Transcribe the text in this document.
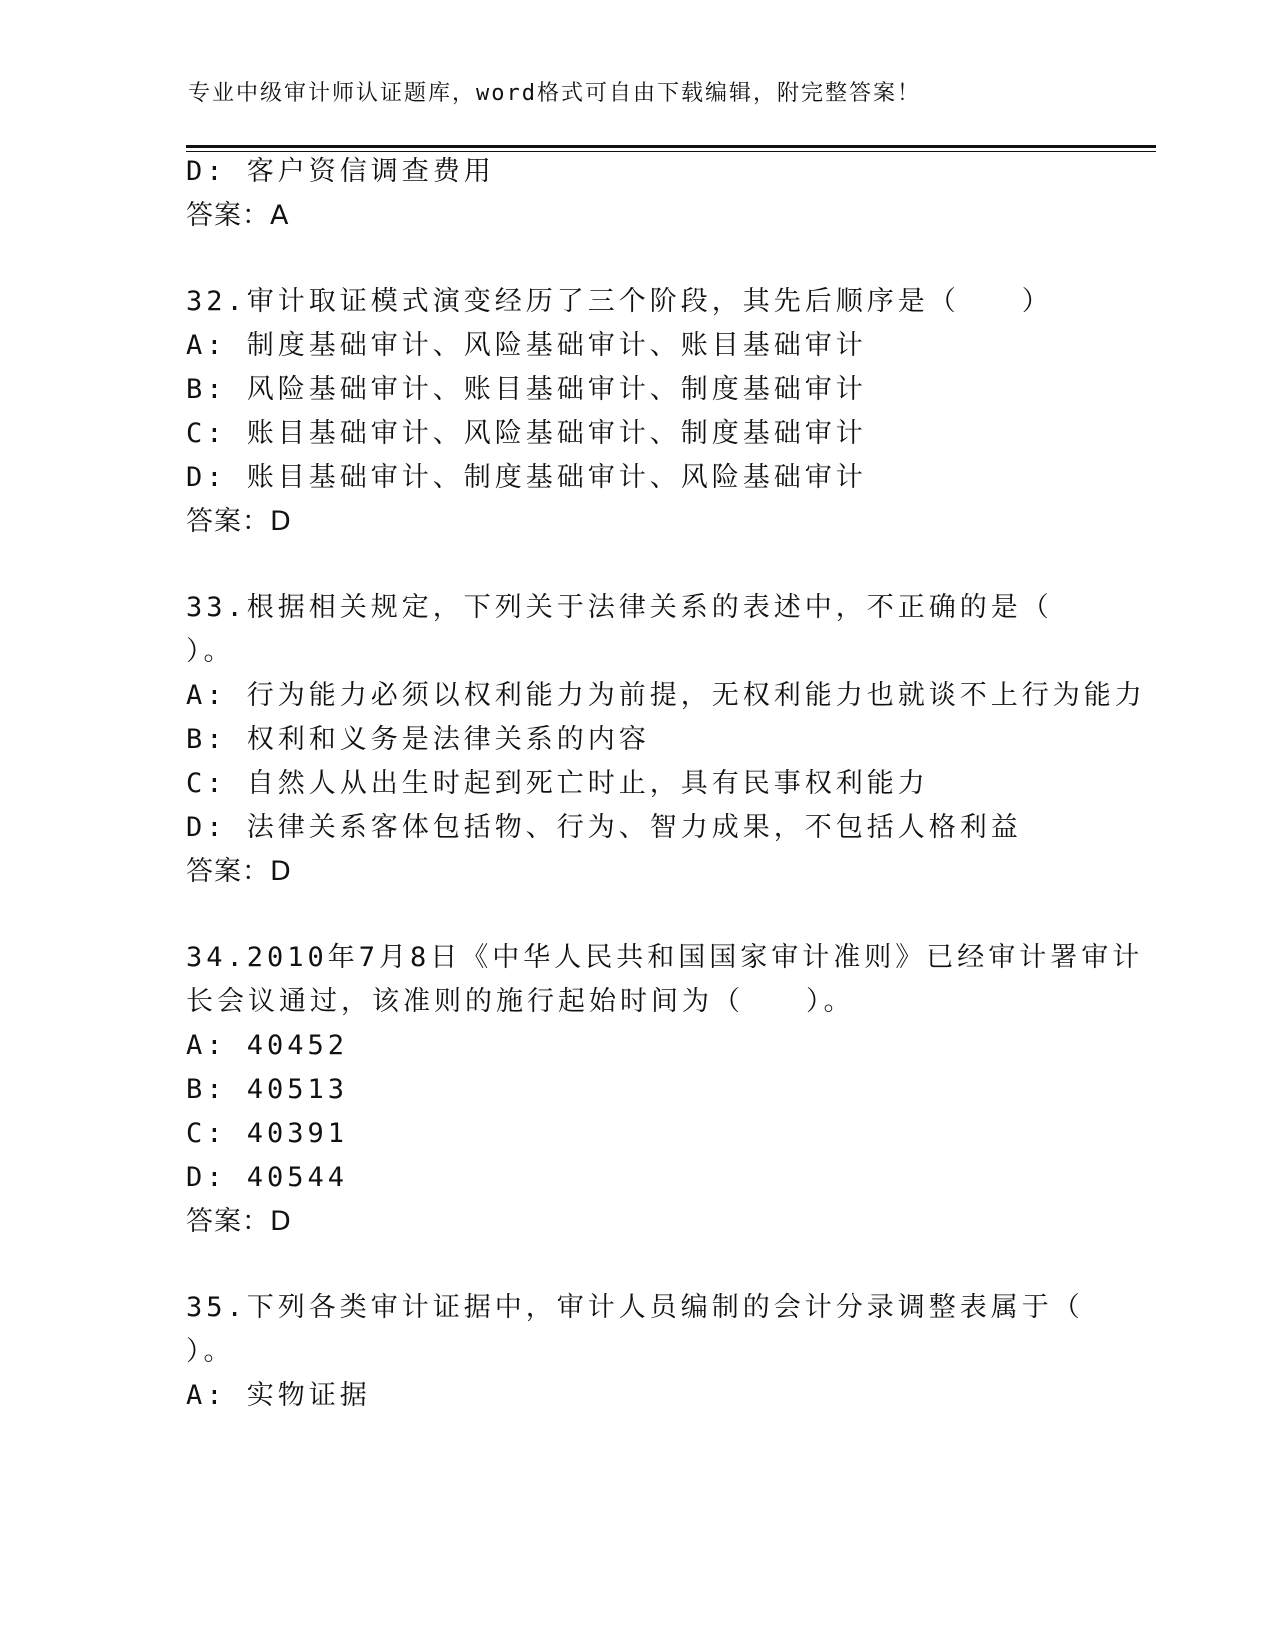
专业中级审计师认证题库，word格式可自由下载编辑，附完整答案！
D: 客户资信调查费用
答案：A
32.审计取证模式演变经历了三个阶段，其先后顺序是（　　）
A: 制度基础审计、风险基础审计、账目基础审计
B: 风险基础审计、账目基础审计、制度基础审计
C: 账目基础审计、风险基础审计、制度基础审计
D: 账目基础审计、制度基础审计、风险基础审计
答案：D
33.根据相关规定，下列关于法律关系的表述中，不正确的是（
）。
A: 行为能力必须以权利能力为前提，无权利能力也就谈不上行为能力
B: 权利和义务是法律关系的内容
C: 自然人从出生时起到死亡时止，具有民事权利能力
D: 法律关系客体包括物、行为、智力成果，不包括人格利益
答案：D
34.2010年7月8日《中华人民共和国国家审计准则》已经审计署审计
长会议通过，该准则的施行起始时间为（　　）。
A: 40452
B: 40513
C: 40391
D: 40544
答案：D
35.下列各类审计证据中，审计人员编制的会计分录调整表属于（
）。
A: 实物证据
